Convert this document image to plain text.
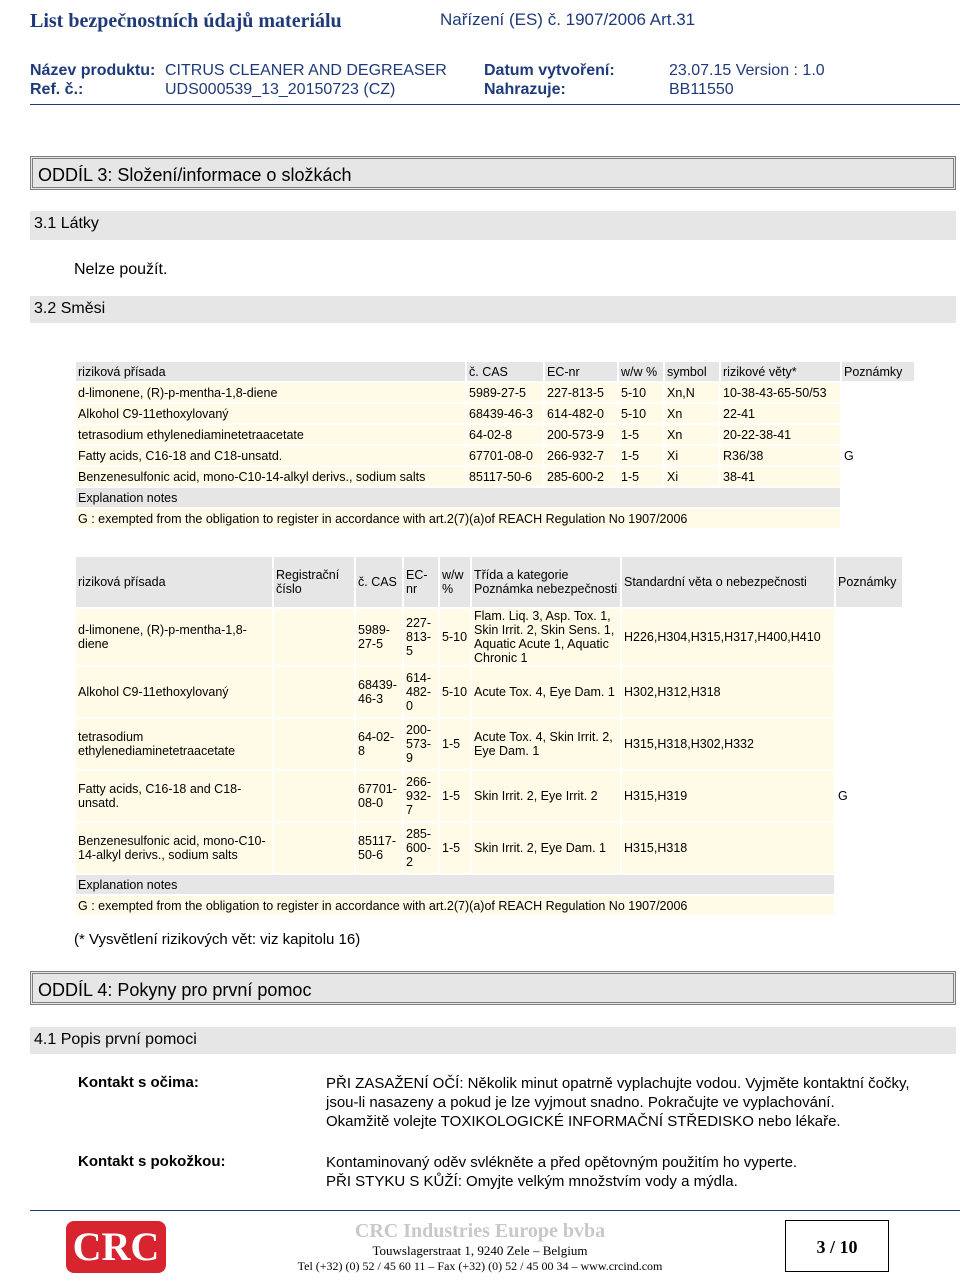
List bezpečnostních údajů materiálu	Nařízení (ES) č. 1907/2006 Art.31
Název produktu: CITRUS CLEANER AND DEGREASER Datum vytvoření:	23.07.15 Version : 1.0
Ref. č.:	UDS000539_13_20150723 (CZ)	Nahrazuje:	BB11550
ODDÍL 3: Složení/informace o složkách
3.1 Látky
Nelze použít.
3.2 Směsi
riziková přísada	č. CAS	EC-nr	w/w %	symbol	rizikové věty*	Poznámky
d-limonene, (R)-p-mentha-1,8-diene	5989-27-5	227-813-5	5-10	Xn,N	10-38-43-65-50/53	
Alkohol C9-11ethoxylovaný	68439-46-3	614-482-0	5-10	Xn	22-41	
tetrasodium ethylenediaminetetraacetate	64-02-8	200-573-9	1-5	Xn	20-22-38-41	
Fatty acids, C16-18 and C18-unsatd.	67701-08-0	266-932-7	1-5	Xi	R36/38	G
Benzenesulfonic acid, mono-C10-14-alkyl derivs., sodium salts	85117-50-6	285-600-2	1-5	Xi	38-41	
Explanation notes						
G : exempted from the obligation to register in accordance with art.2(7)(a)of REACH Regulation No 1907/2006						
riziková přísada	Registrační číslo	č. CAS	EC-nr	w/w %	Třída a kategorie Poznámka nebezpečnosti	Standardní věta o nebezpečnosti	Poznámky
d-limonene, (R)-p-mentha-1,8-diene		5989-27-5	227-813-5	5-10	Flam. Liq. 3, Asp. Tox. 1, Skin Irrit. 2, Skin Sens. 1, Aquatic Acute 1, Aquatic Chronic 1	H226,H304,H315,H317,H400,H410	
Alkohol C9-11ethoxylovaný		68439-46-3	614-482-0	5-10	Acute Tox. 4, Eye Dam. 1	H302,H312,H318	
tetrasodium ethylenediaminetetraacetate		64-02-8	200-573-9	1-5	Acute Tox. 4, Skin Irrit. 2, Eye Dam. 1	H315,H318,H302,H332	
Fatty acids, C16-18 and C18-unsatd.		67701-08-0	266-932-7	1-5	Skin Irrit. 2, Eye Irrit. 2	H315,H319	G
Benzenesulfonic acid, mono-C10-14-alkyl derivs., sodium salts		85117-50-6	285-600-2	1-5	Skin Irrit. 2, Eye Dam. 1	H315,H318	
Explanation notes							
G : exempted from the obligation to register in accordance with art.2(7)(a)of REACH Regulation No 1907/2006							
(* Vysvětlení rizikových vět: viz kapitolu 16)
ODDÍL 4: Pokyny pro první pomoc
4.1 Popis první pomoci
Kontakt s očima:	PŘI ZASAŽENÍ OČÍ: Několik minut opatrně vyplachujte vodou. Vyjměte kontaktní čočky, jsou-li nasazeny a pokud je lze vyjmout snadno. Pokračujte ve vyplachování.
Okamžitě volejte TOXIKOLOGICKÉ INFORMAČNÍ STŘEDISKO nebo lékaře.
Kontakt s pokožkou:	Kontaminovaný oděv svlékněte a před opětovným použitím ho vyperte.
PŘI STYKU S KŮŽÍ: Omyjte velkým množstvím vody a mýdla.
CRC	CRC Industries Europe bvba
Touwslagerstraat 1, 9240 Zele – Belgium
Tel (+32) (0) 52 / 45 60 11 – Fax (+32) (0) 52 / 45 00 34 – www.crcind.com
3 / 10
